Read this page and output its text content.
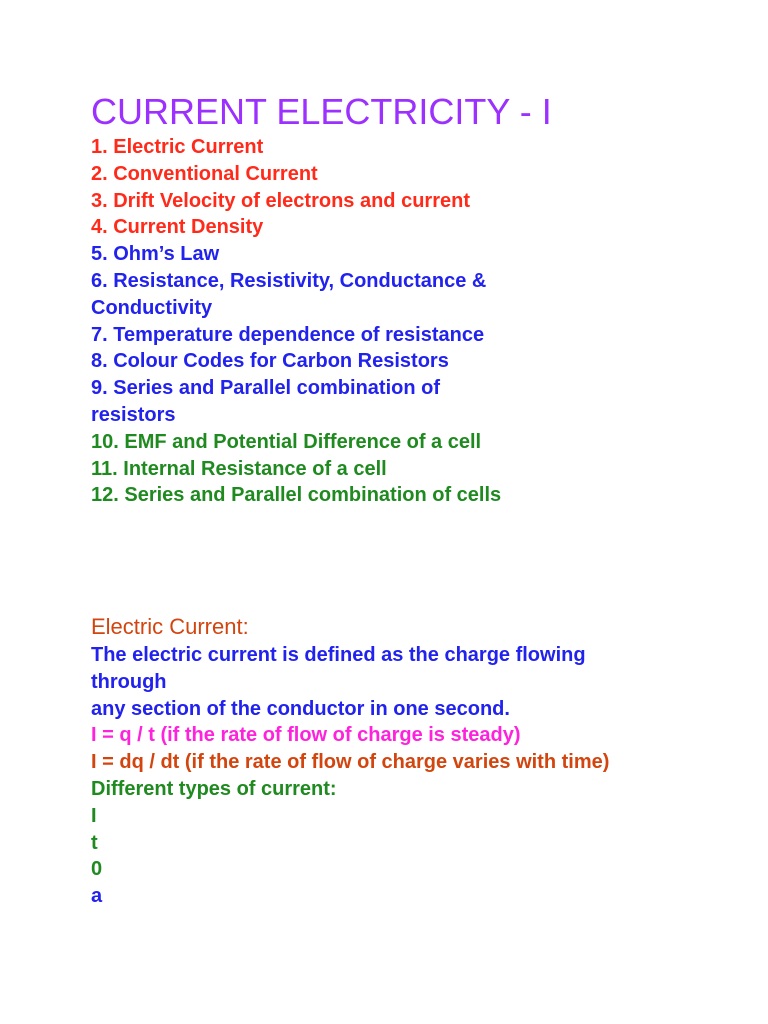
CURRENT ELECTRICITY - I
1. Electric Current
2. Conventional Current
3. Drift Velocity of electrons and current
4. Current Density
5. Ohm’s Law
6. Resistance, Resistivity, Conductance &
Conductivity
7. Temperature dependence of resistance
8. Colour Codes for Carbon Resistors
9. Series and Parallel combination of
resistors
10. EMF and Potential Difference of a cell
11. Internal Resistance of a cell
12. Series and Parallel combination of cells
Electric Current:
The electric current is defined as the charge flowing
through
any section of the conductor in one second.
I = q / t (if the rate of flow of charge is steady)
I = dq / dt (if the rate of flow of charge varies with time)
Different types of current:
I
t
0
a
